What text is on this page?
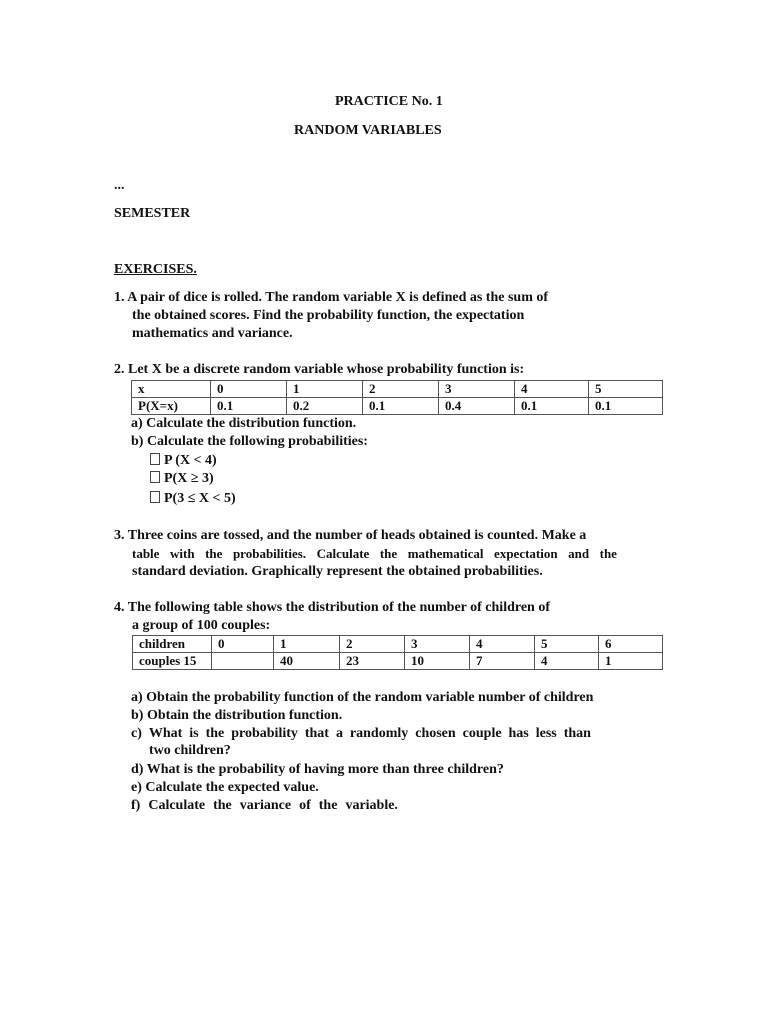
PRACTICE No. 1
RANDOM VARIABLES
...
SEMESTER
EXERCISES.
1. A pair of dice is rolled. The random variable X is defined as the sum of
the obtained scores. Find the probability function, the expectation
mathematics and variance.
2. Let X be a discrete random variable whose probability function is:
x	0	1	2	3	4	5
P(X=x)	0.1	0.2	0.1	0.4	0.1	0.1
a) Calculate the distribution function.
b) Calculate the following probabilities:
P (X < 4)
P(X ≥ 3)
P(3 ≤ X < 5)
3. Three coins are tossed, and the number of heads obtained is counted. Make a
table with the probabilities. Calculate the mathematical expectation and the
standard deviation. Graphically represent the obtained probabilities.
4. The following table shows the distribution of the number of children of
a group of 100 couples:
children	0	1	2	3	4	5	6
couples 15		40	23	10	7	4	1
a) Obtain the probability function of the random variable number of children
b) Obtain the distribution function.
c) What is the probability that a randomly chosen couple has less than
two children?
d) What is the probability of having more than three children?
e) Calculate the expected value.
f) Calculate the variance of the variable.
